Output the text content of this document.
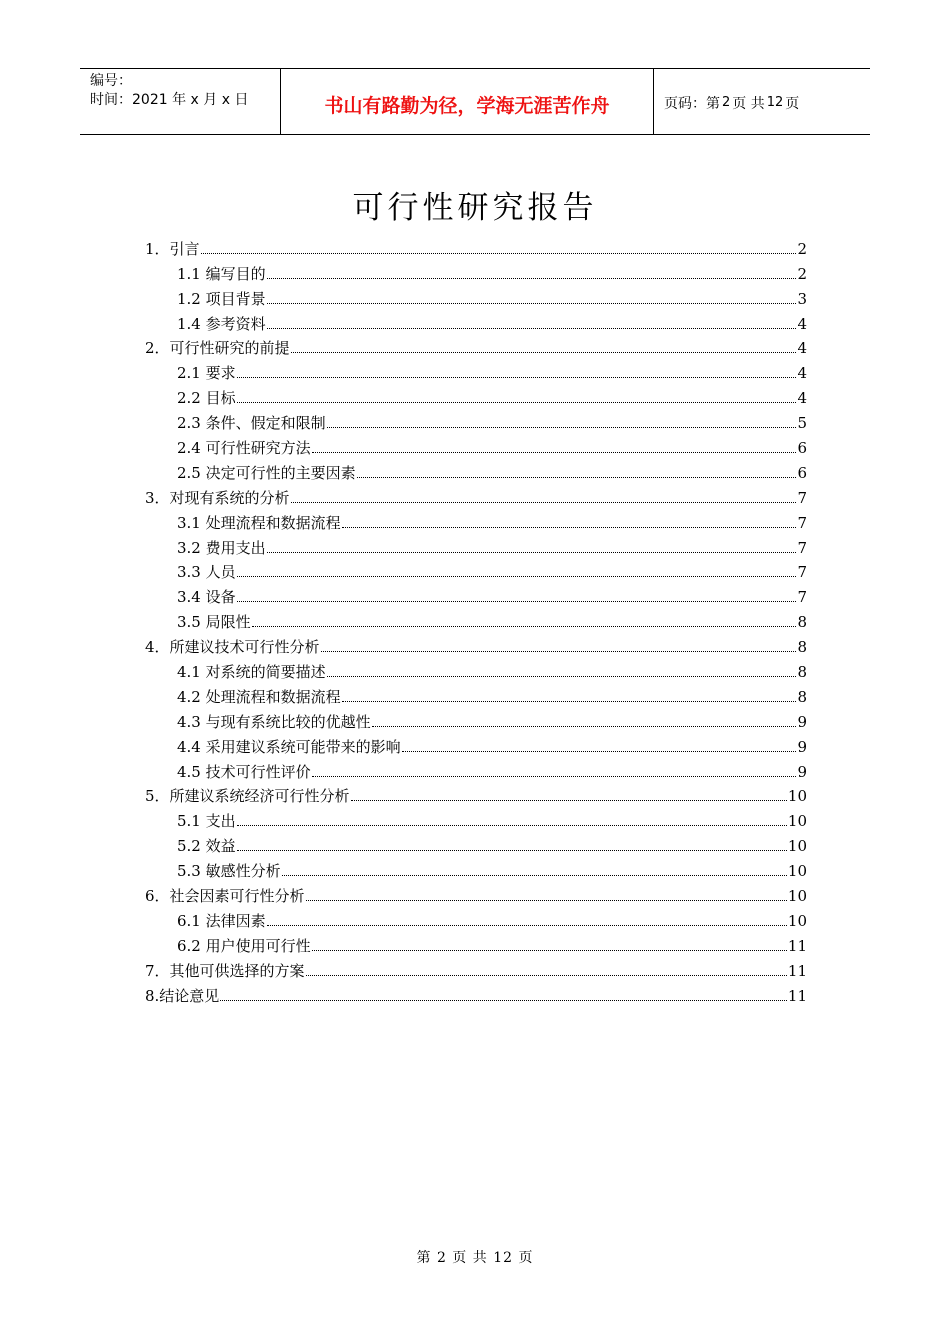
编号：
时间：2021 年 x 月 x 日	书山有路勤为径，学海无涯苦作舟	页码：第 2 页 共 12 页
可行性研究报告
1．引言	2
1.1 编写目的	2
1.2 项目背景	3
1.4 参考资料	4
2．可行性研究的前提	4
2.1 要求	4
2.2 目标	4
2.3 条件、假定和限制	5
2.4 可行性研究方法	6
2.5 决定可行性的主要因素	6
3．对现有系统的分析	7
3.1 处理流程和数据流程	7
3.2 费用支出	7
3.3 人员	7
3.4 设备	7
3.5 局限性	8
4．所建议技术可行性分析	8
4.1 对系统的简要描述	8
4.2 处理流程和数据流程	8
4.3 与现有系统比较的优越性	9
4.4 采用建议系统可能带来的影响	9
4.5 技术可行性评价	9
5．所建议系统经济可行性分析	10
5.1 支出	10
5.2 效益	10
5.3 敏感性分析	10
6．社会因素可行性分析	10
6.1 法律因素	10
6.2 用户使用可行性	11
7．其他可供选择的方案	11
8.结论意见	11
第 2 页 共 12 页
